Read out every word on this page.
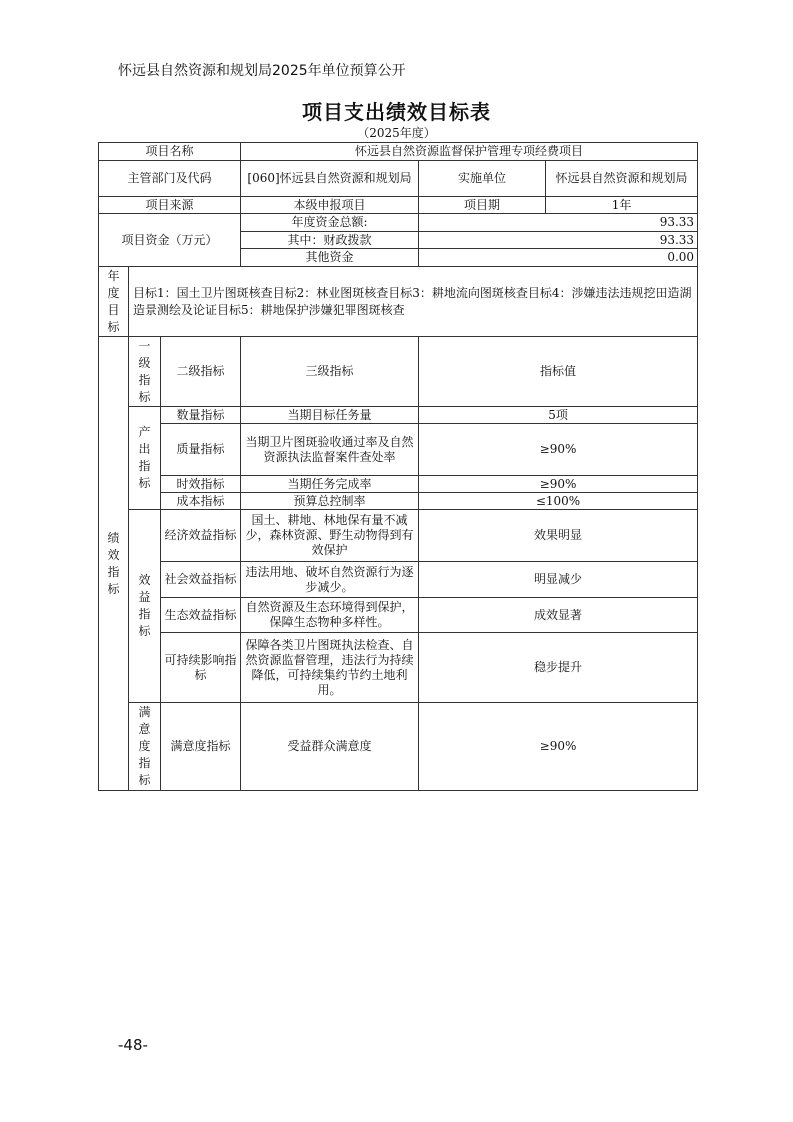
怀远县自然资源和规划局2025年单位预算公开
项目支出绩效目标表
（2025年度）
项目名称			怀远县自然资源监督保护管理专项经费项目		
主管部门及代码			[060]怀远县自然资源和规划局	实施单位	怀远县自然资源和规划局
项目来源			本级申报项目	项目期	1年
项目资金（万元）			年度资金总额:	93.33	
			其中：财政拨款	93.33	
			其他资金	0.00	

年度目标	目标1：国土卫片图斑核查目标2：林业图斑核查目标3：耕地流向图斑核查目标4：涉嫌违法违规挖田造湖造景测绘及论证目标5：耕地保护涉嫌犯罪图斑核查				

绩效指标	一级指标	二级指标	三级指标	指标值	

	产出指标	数量指标	当期目标任务量	5项	
		质量指标	当期卫片图斑验收通过率及自然资源执法监督案件查处率	≥90%	
		时效指标	当期任务完成率	≥90%	
		成本指标	预算总控制率	≤100%	

	效益指标	经济效益指标	国土、耕地、林地保有量不减少，森林资源、野生动物得到有效保护	效果明显	
		社会效益指标	违法用地、破坏自然资源行为逐步减少。	明显减少	
		生态效益指标	自然资源及生态环境得到保护，保障生态物种多样性。	成效显著	
		可持续影响指标	保障各类卫片图斑执法检查、自然资源监督管理，违法行为持续降低，可持续集约节约土地利用。	稳步提升	

	满意度指标	满意度指标	受益群众满意度	≥90%	
-48-
